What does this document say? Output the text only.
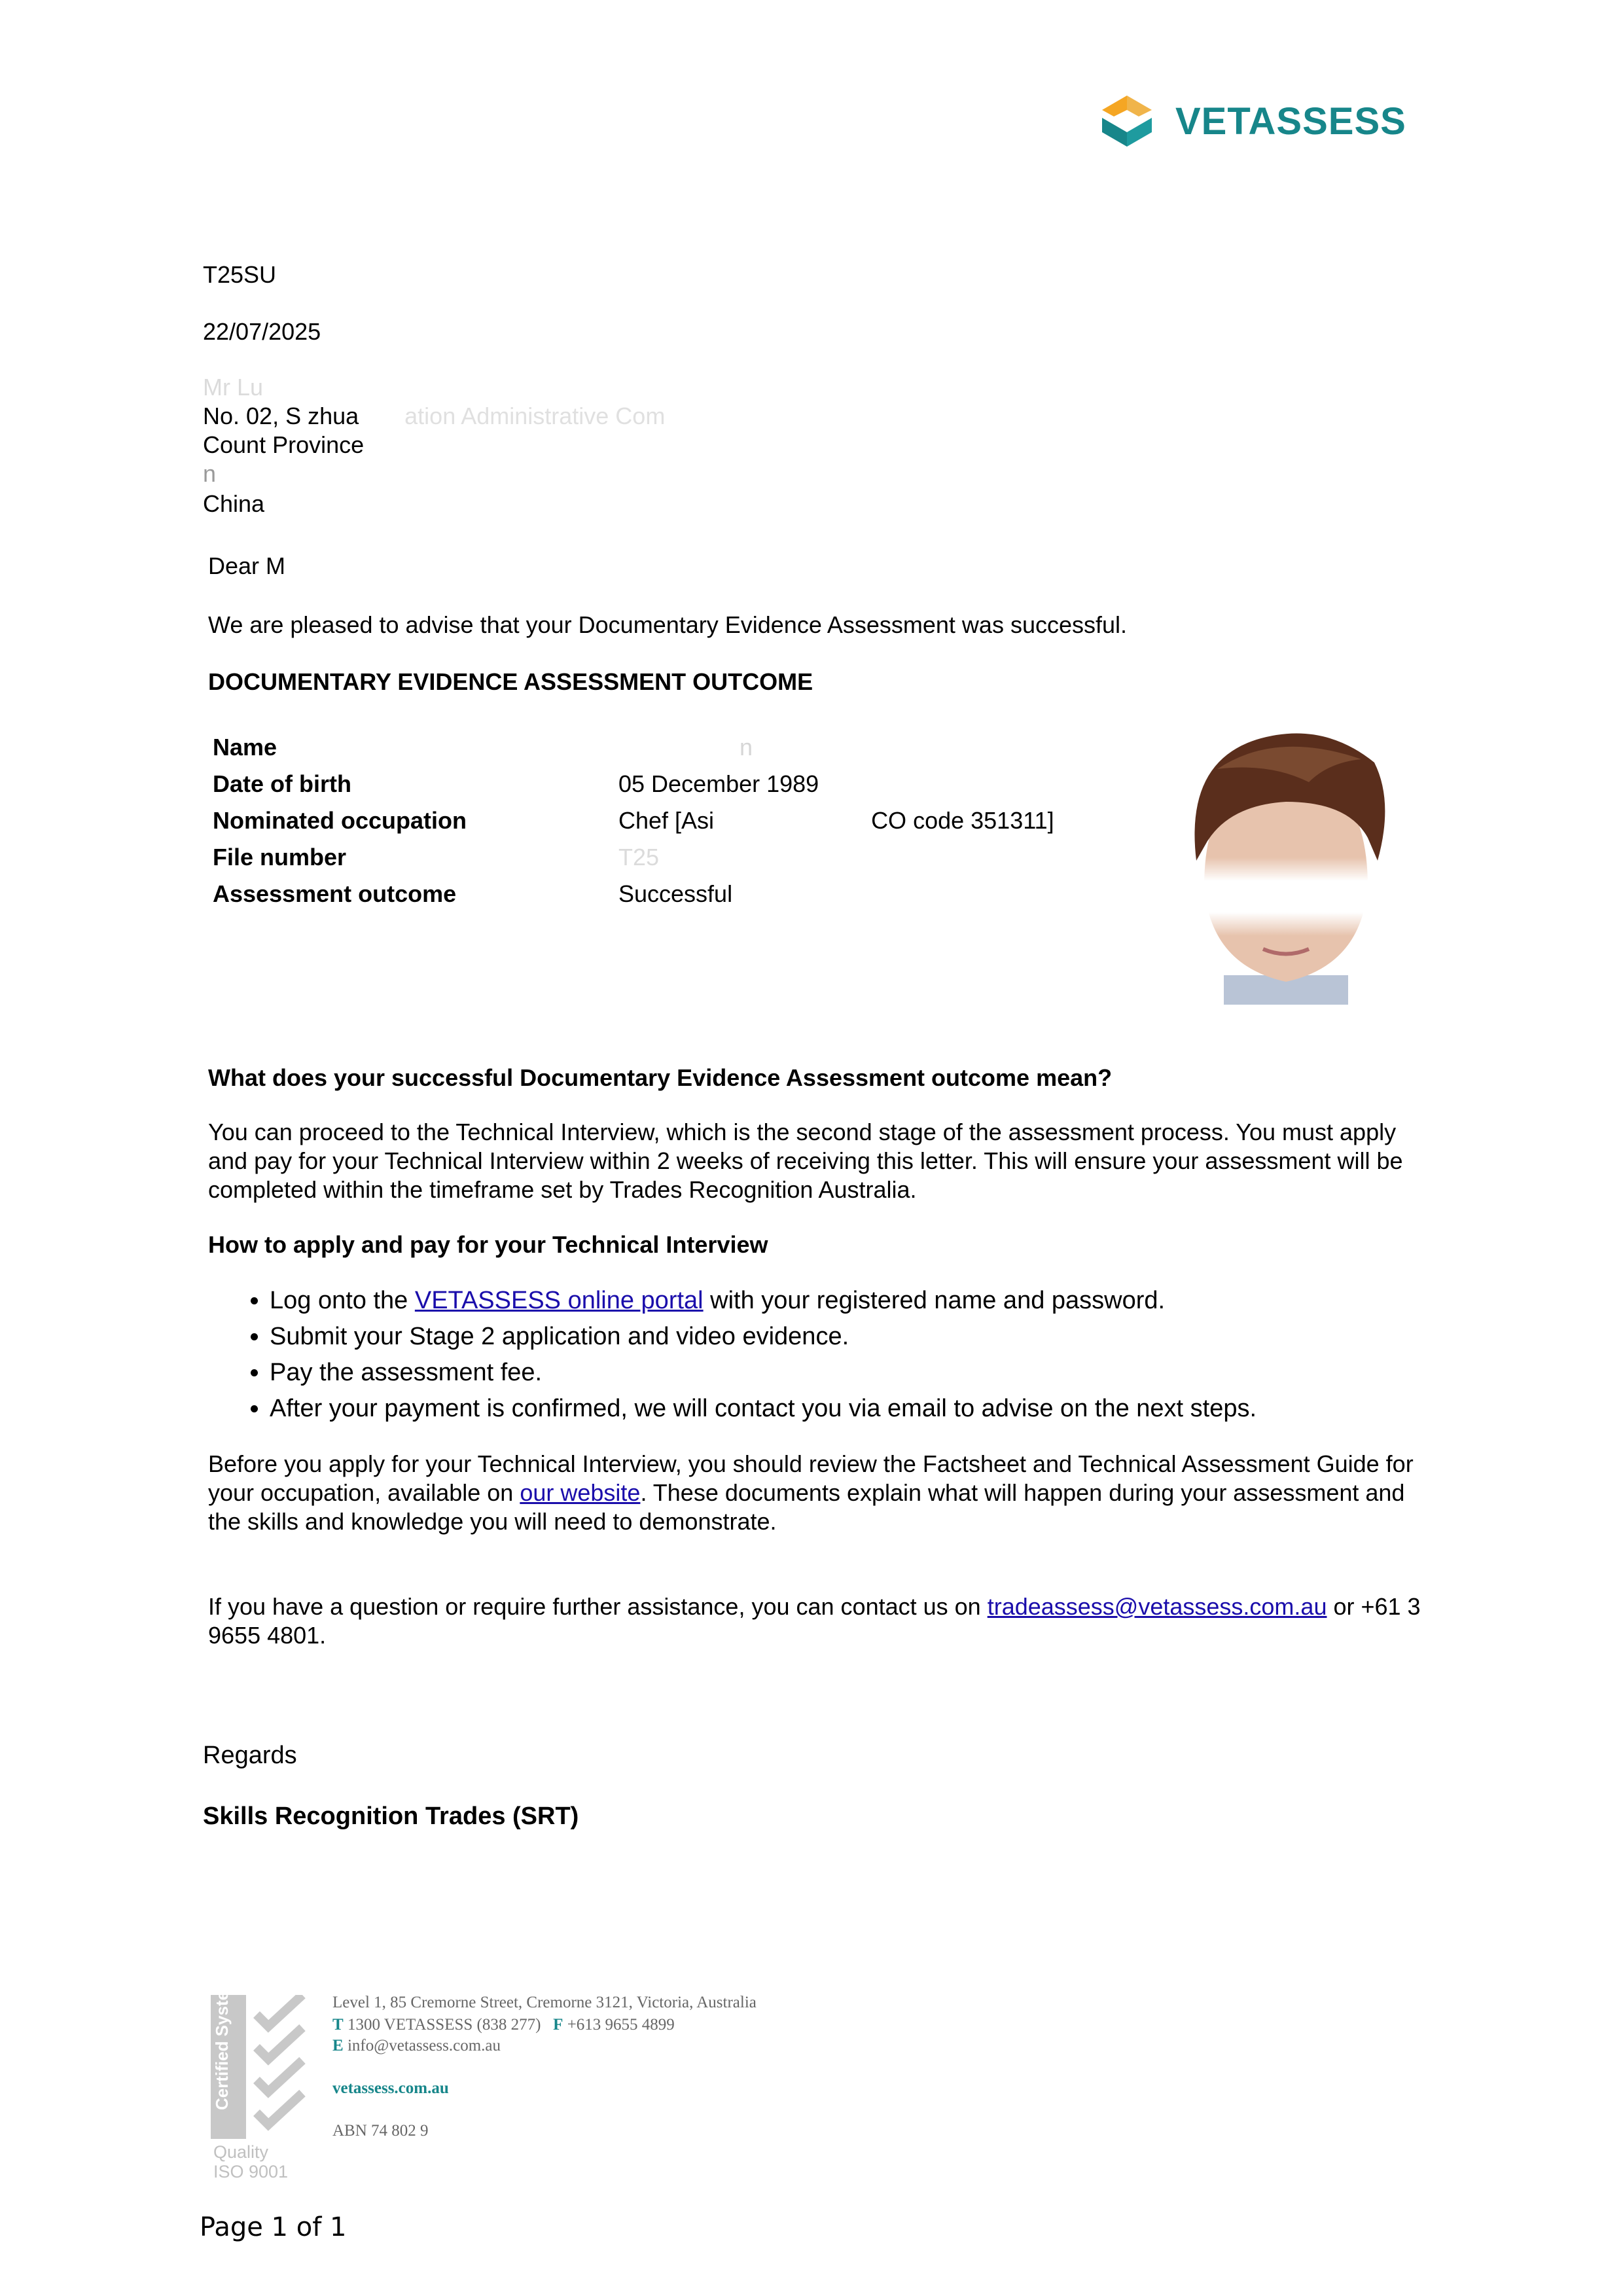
VETASSESS
T25SU
22/07/2025
Mr Lu
No. 02, S zhua ation Administrative Com
Count Province
n
China
Dear M
We are pleased to advise that your Documentary Evidence Assessment was successful.
DOCUMENTARY EVIDENCE ASSESSMENT OUTCOME
Name	n
Date of birth	05 December 1989
Nominated occupation	Chef [Asi	CO code 351311]
File number	T25
Assessment outcome	Successful
What does your successful Documentary Evidence Assessment outcome mean?
You can proceed to the Technical Interview, which is the second stage of the assessment process. You must apply and pay for your Technical Interview within 2 weeks of receiving this letter. This will ensure your assessment will be completed within the timeframe set by Trades Recognition Australia.
How to apply and pay for your Technical Interview
• Log onto the VETASSESS online portal with your registered name and password.
• Submit your Stage 2 application and video evidence.
• Pay the assessment fee.
• After your payment is confirmed, we will contact you via email to advise on the next steps.
Before you apply for your Technical Interview, you should review the Factsheet and Technical Assessment Guide for
your occupation, available on our website. These documents explain what will happen during your assessment and
the skills and knowledge you will need to demonstrate.
If you have a question or require further assistance, you can contact us on tradeassess@vetassess.com.au or +61 3
9655 4801.
Regards
Skills Recognition Trades (SRT)
Quality
ISO 9001
Certified System	Level 1, 85 Cremorne Street, Cremorne 3121, Victoria, Australia
T 1300 VETASSESS (838 277) F +613 9655 4899
E info@vetassess.com.au
vetassess.com.au
ABN 74 802 9
Page 1 of 1
